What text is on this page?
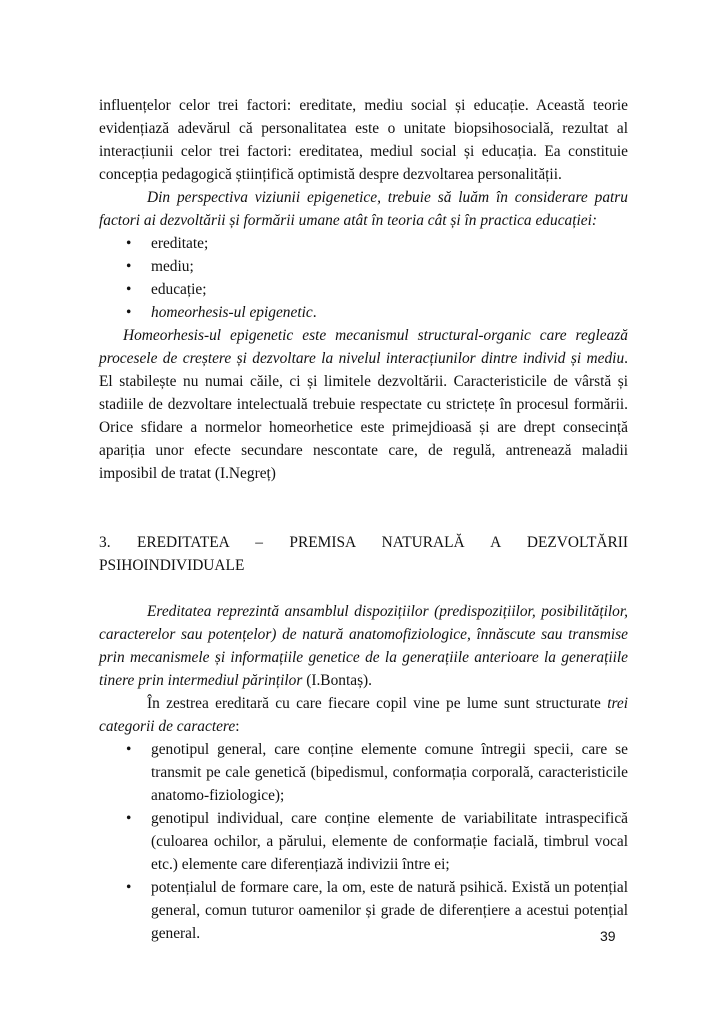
influențelor celor trei factori: ereditate, mediu social și educație. Această teorie evidențiază adevărul că personalitatea este o unitate biopsihosocială, rezultat al interacțiunii celor trei factori: ereditatea, mediul social și educația. Ea constituie concepția pedagogică științifică optimistă despre dezvoltarea personalității.

Din perspectiva viziunii epigenetice, trebuie să luăm în considerare patru factori ai dezvoltării și formării umane atât în teoria cât și în practica educației:

• ereditate;
• mediu;
• educație;
• homeorhesis-ul epigenetic.

Homeorhesis-ul epigenetic este mecanismul structural-organic care reglează procesele de creștere și dezvoltare la nivelul interacțiunilor dintre individ și mediu. El stabilește nu numai căile, ci și limitele dezvoltării. Caracteristicile de vârstă și stadiile de dezvoltare intelectuală trebuie respectate cu strictețe în procesul formării. Orice sfidare a normelor homeorhetice este primejdioasă și are drept consecință apariția unor efecte secundare nescontate care, de regulă, antrenează maladii imposibil de tratat (I.Negreț)

3. EREDITATEA – PREMISA NATURALĂ A DEZVOLTĂRII

PSIHOINDIVIDUALE

Ereditatea reprezintă ansamblul dispozițiilor (predispozițiilor, posibilităților, caracterelor sau potențelor) de natură anatomofiziologice, înnăscute sau transmise prin mecanismele și informațiile genetice de la generațiile anterioare la generațiile tinere prin intermediul părinților (I.Bontaș).

În zestrea ereditară cu care fiecare copil vine pe lume sunt structurate trei categorii de caractere:

• genotipul general, care conține elemente comune întregii specii, care se transmit pe cale genetică (bipedismul, conformația corporală, caracteristicile anatomo-fiziologice);
• genotipul individual, care conține elemente de variabilitate intraspecifică (culoarea ochilor, a părului, elemente de conformație facială, timbrul vocal etc.) elemente care diferențiază indivizii între ei;
• potențialul de formare care, la om, este de natură psihică. Există un potențial general, comun tuturor oamenilor și grade de diferențiere a acestui potențial general.	39
